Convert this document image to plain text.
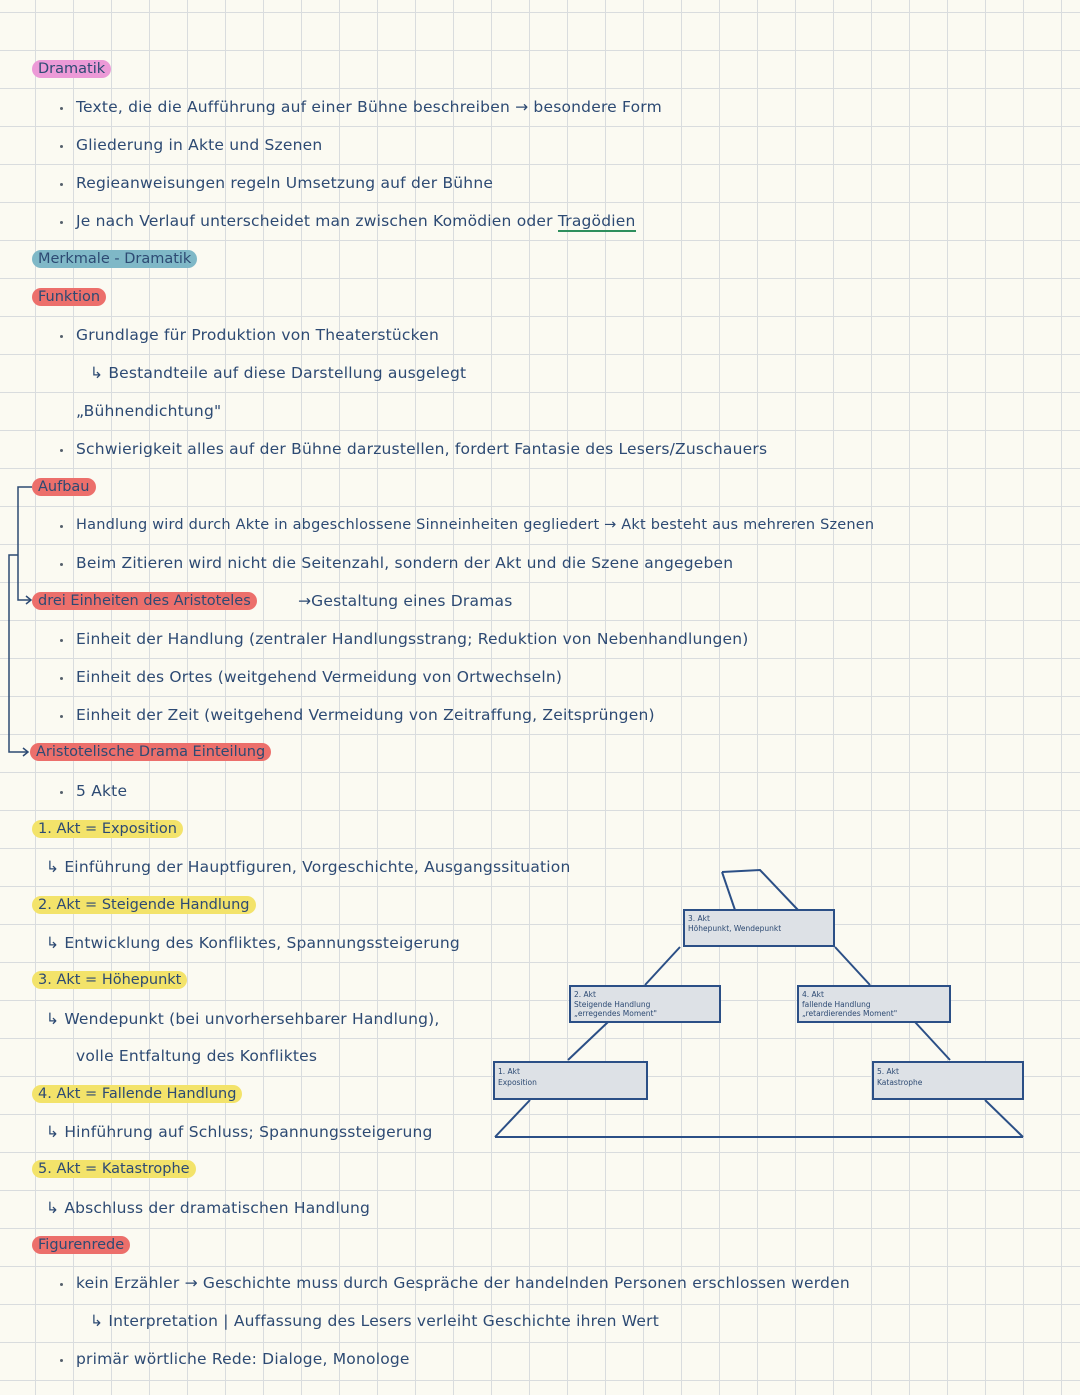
Dramatik
Texte, die die Aufführung auf einer Bühne beschreiben → besondere Form
Gliederung in Akte und Szenen
Regieanweisungen regeln Umsetzung auf der Bühne
Je nach Verlauf unterscheidet man zwischen Komödien oder Tragödien
Merkmale - Dramatik
Funktion
Grundlage für Produktion von Theaterstücken
↳ Bestandteile auf diese Darstellung ausgelegt
„Bühnendichtung"
Schwierigkeit alles auf der Bühne darzustellen, fordert Fantasie des Lesers/Zuschauers
Aufbau
Handlung wird durch Akte in abgeschlossene Sinneinheiten gegliedert → Akt besteht aus mehreren Szenen
Beim Zitieren wird nicht die Seitenzahl, sondern der Akt und die Szene angegeben
drei Einheiten des Aristoteles	→Gestaltung eines Dramas
Einheit der Handlung (zentraler Handlungsstrang; Reduktion von Nebenhandlungen)
Einheit des Ortes (weitgehend Vermeidung von Ortwechseln)
Einheit der Zeit (weitgehend Vermeidung von Zeitraffung, Zeitsprüngen)
Aristotelische Drama Einteilung
5 Akte
1. Akt = Exposition
↳ Einführung der Hauptfiguren, Vorgeschichte, Ausgangssituation
2. Akt = Steigende Handlung
↳ Entwicklung des Konfliktes, Spannungssteigerung
3. Akt = Höhepunkt
↳ Wendepunkt (bei unvorhersehbarer Handlung),
volle Entfaltung des Konfliktes
4. Akt = Fallende Handlung
↳ Hinführung auf Schluss; Spannungssteigerung
5. Akt = Katastrophe
↳ Abschluss der dramatischen Handlung
Figurenrede
kein Erzähler → Geschichte muss durch Gespräche der handelnden Personen erschlossen werden
↳ Interpretation | Auffassung des Lesers verleiht Geschichte ihren Wert
primär wörtliche Rede: Dialoge, Monologe
3. Akt
Höhepunkt, Wendepunkt
2. Akt
Steigende Handlung
„erregendes Moment"
4. Akt
fallende Handlung
„retardierendes Moment"
1. Akt
Exposition
5. Akt
Katastrophe
